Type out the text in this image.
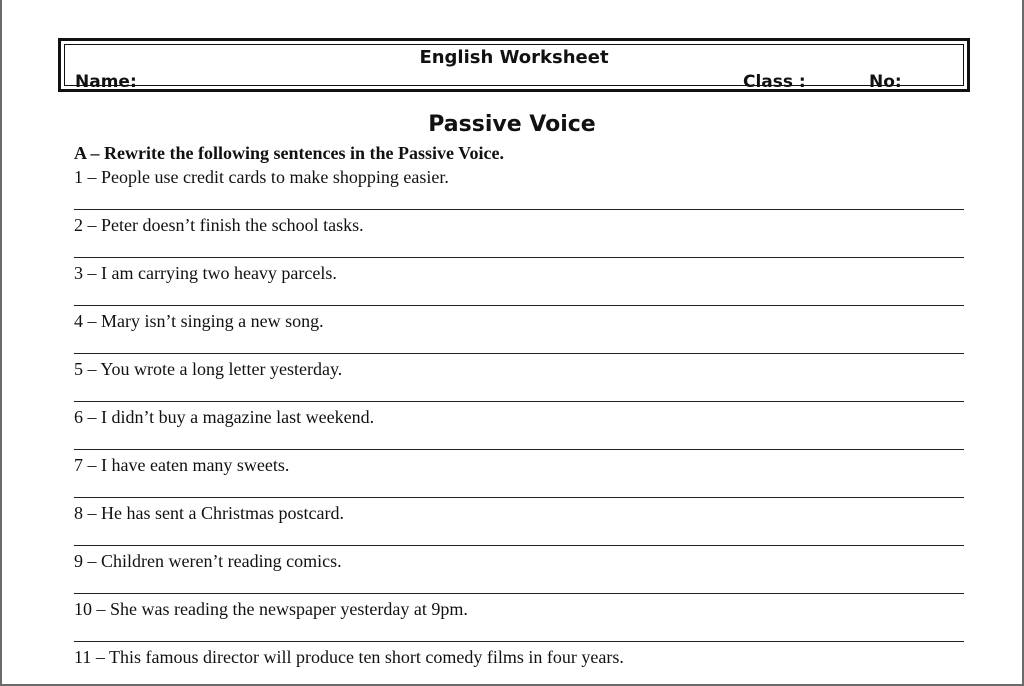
English Worksheet
Name:	Class :	No:
Passive Voice
A – Rewrite the following sentences in the Passive Voice.
1 – People use credit cards to make shopping easier.
2 – Peter doesn’t finish the school tasks.
3 – I am carrying two heavy parcels.
4 – Mary isn’t singing a new song.
5 – You wrote a long letter yesterday.
6 – I didn’t buy a magazine last weekend.
7 – I have eaten many sweets.
8 – He has sent a Christmas postcard.
9 – Children weren’t reading comics.
10 – She was reading the newspaper yesterday at 9pm.
11 – This famous director will produce ten short comedy films in four years.
